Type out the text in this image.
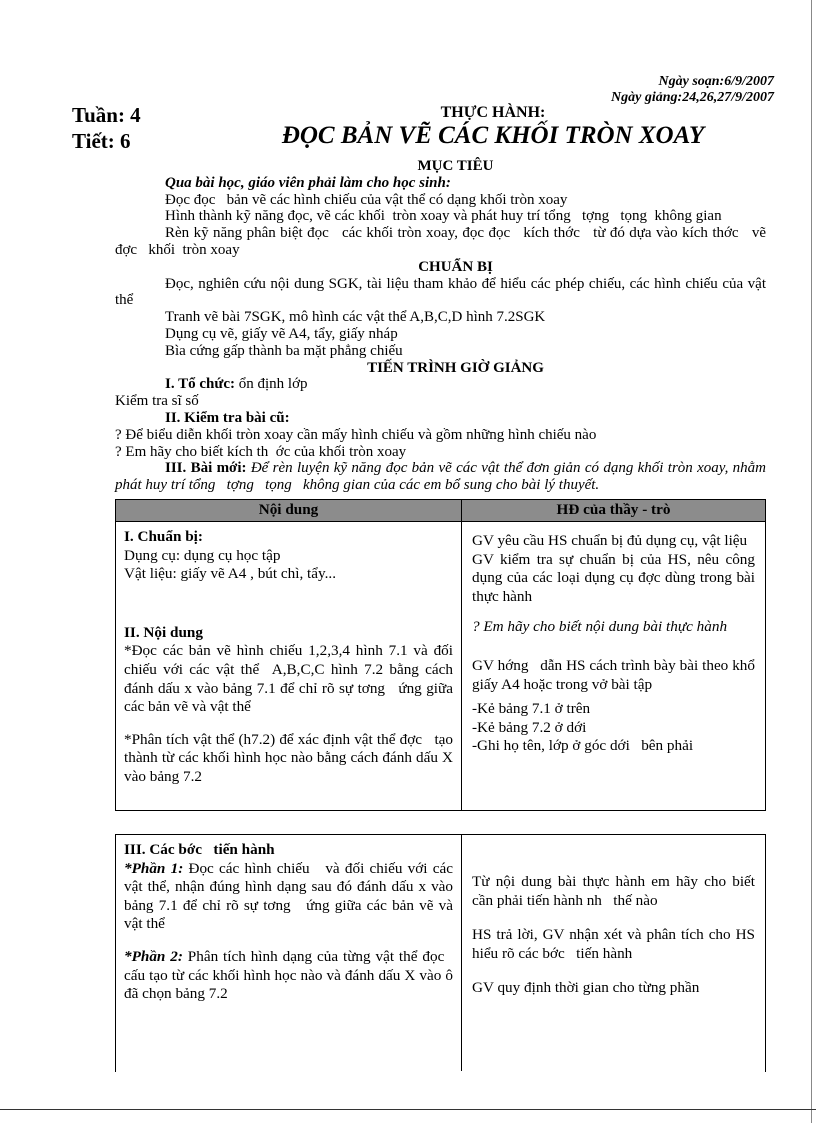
Ngày soạn:6/9/2007
Ngày giảng:24,26,27/9/2007
Tuần: 4
Tiết: 6
THỰC HÀNH:
ĐỌC BẢN VẼ CÁC KHỐI TRÒN XOAY

MỤC TIÊU

Qua bài học, giáo viên phải làm cho học sinh:

Đọc đọc   bản vẽ các hình chiếu của vật thể có dạng khối tròn xoay

Hình thành kỹ năng đọc, vẽ các khối  tròn xoay và phát huy trí tổng   tợng   tọng  không gian

Rèn kỹ năng phân biệt đọc   các khối tròn xoay, đọc đọc   kích thớc   từ đó dựa vào kích thớc   vẽ đợc   khối  tròn xoay

CHUẨN BỊ

Đọc, nghiên cứu nội dung SGK, tài liệu tham khảo để hiểu các phép chiếu, các hình chiếu của vật thể

Tranh vẽ bài 7SGK, mô hình các vật thể A,B,C,D hình 7.2SGK

Dụng cụ vẽ, giấy vẽ A4, tẩy, giấy nháp

Bìa cứng gấp thành ba mặt phẳng chiếu

TIẾN TRÌNH GIỜ GIẢNG

I. Tổ chức: ổn định lớp

Kiểm tra sĩ số

II. Kiểm tra bài cũ:

? Để biểu diễn khối tròn xoay cần mấy hình chiếu và gồm những hình chiếu nào

? Em hãy cho biết kích th  ớc của khối tròn xoay

III. Bài mới: Để rèn luyện kỹ năng đọc bản vẽ các vật thể đơn giản có dạng khối tròn xoay, nhằm phát huy trí tổng   tợng   tọng   không gian của các em bổ sung cho bài lý thuyết.

Nội dung	HĐ của thầy - trò

I. Chuẩn bị:

Dụng cụ: dụng cụ học tập

Vật liệu: giấy vẽ A4 , bút chì, tẩy...

II. Nội dung

*Đọc các bản vẽ hình chiếu 1,2,3,4 hình 7.1 và đối chiếu với các vật thể  A,B,C,C hình 7.2 bằng cách đánh dấu x vào bảng 7.1 để chỉ rõ sự tơng   ứng giữa các bản vẽ và vật thể

*Phân tích vật thể (h7.2) để xác định vật thể đợc   tạo thành từ các khối hình học nào bằng cách đánh dấu X vào bảng 7.2

GV yêu cầu HS chuẩn bị đủ dụng cụ, vật liệu

GV kiểm tra sự chuẩn bị của HS, nêu công dụng của các loại dụng cụ đợc dùng trong bài thực hành

? Em hãy cho biết nội dung bài thực hành

GV hớng   dẫn HS cách trình bày bài theo khổ giấy A4 hoặc trong vở bài tập

-Kẻ bảng 7.1 ở trên

-Kẻ bảng 7.2 ở dới

-Ghi họ tên, lớp ở góc dới   bên phải

III. Các bớc   tiến hành

*Phần 1: Đọc các hình chiếu   và đối chiếu với các vật thể, nhận đúng hình dạng sau đó đánh dấu x vào bảng 7.1 để chỉ rõ sự tơng   ứng giữa các bản vẽ và vật thể

*Phần 2: Phân tích hình dạng của từng vật thể đọc   cấu tạo từ các khối hình học nào và đánh dấu X vào ô đã chọn bảng 7.2

Từ nội dung bài thực hành em hãy cho biết cần phải tiến hành nh   thế nào

HS trả lời, GV nhận xét và phân tích cho HS hiểu rõ các bớc   tiến hành

GV quy định thời gian cho từng phần
